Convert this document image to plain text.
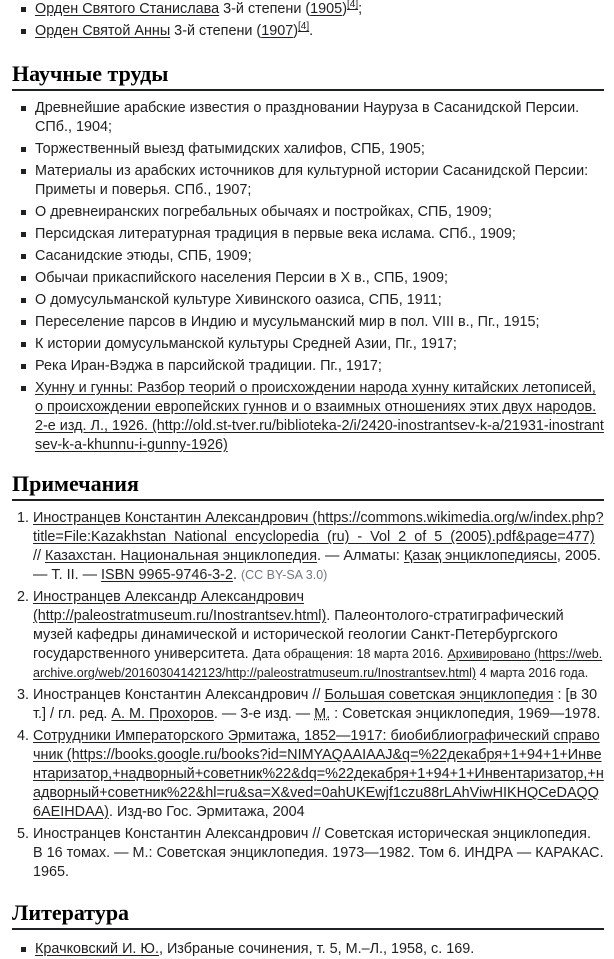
Орден Святого Станислава 3-й степени (1905)[4];
Орден Святой Анны 3-й степени (1907)[4].
Научные труды
Древнейшие арабские известия о праздновании Науруза в Сасанидской Персии. СПб., 1904;
Торжественный выезд фатымидских халифов, СПБ, 1905;
Материалы из арабских источников для культурной истории Сасанидской Персии: Приметы и поверья. СПб., 1907;
О древнеиранских погребальных обычаях и постройках, СПБ, 1909;
Персидская литературная традиция в первые века ислама. СПб., 1909;
Сасанидские этюды, СПБ, 1909;
Обычаи прикаспийского населения Персии в X в., СПБ, 1909;
О домусульманской культуре Хивинского оазиса, СПБ, 1911;
Переселение парсов в Индию и мусульманский мир в пол. VIII в., Пг., 1915;
К истории домусульманской культуры Средней Азии, Пг., 1917;
Река Иран-Вэджа в парсийской традиции. Пг., 1917;
Хунну и гунны: Разбор теорий о происхождении народа хунну китайских летописей, о происхождении европейских гуннов и о взаимных отношениях этих двух народов. 2-е изд. Л., 1926. (http://old.st-tver.ru/biblioteka-2/i/2420-inostrantsev-k-a/21931-inostrantsev-k-a-khunnu-i-gunny-1926)
Примечания
1. Иностранцев Константин Александрович (https://commons.wikimedia.org/w/index.php?title=File:Kazakhstan_National_encyclopedia_(ru)_-_Vol_2_of_5_(2005).pdf&page=477) // Казахстан. Национальная энциклопедия. — Алматы: Қазақ энциклопедиясы, 2005. — Т. II. — ISBN 9965-9746-3-2. (CC BY-SA 3.0)
2. Иностранцев Александр Александрович (http://paleostratmuseum.ru/Inostrantsev.html). Палеонтолого-стратиграфический музей кафедры динамической и исторической геологии Санкт-Петербургского государственного университета. Дата обращения: 18 марта 2016. Архивировано (https://web.archive.org/web/20160304142123/http://paleostratmuseum.ru/Inostrantsev.html) 4 марта 2016 года.
3. Иностранцев Константин Александрович // Большая советская энциклопедия : [в 30 т.] / гл. ред. А. М. Прохоров. — 3-е изд. — М. : Советская энциклопедия, 1969—1978.
4. Сотрудники Императорского Эрмитажа, 1852—1917: биобиблиографический справочник (https://books.google.ru/books?id=NIMYAQAAIAAJ&q=%22декабря+1+94+1+Инвентаризатор,+надворный+советник%22&dq=%22декабря+1+94+1+Инвентаризатор,+надворный+советник%22&hl=ru&sa=X&ved=0ahUKEwjf1czu88rLAhViwHIKHQCeDAQQ6AEIHDAA). Изд-во Гос. Эрмитажа, 2004
5. Иностранцев Константин Александрович // Советская историческая энциклопедия. В 16 томах. — М.: Советская энциклопедия. 1973—1982. Том 6. ИНДРА — КАРАКАС. 1965.
Литература
Крачковский И. Ю., Избраные сочинения, т. 5, М.–Л., 1958, с. 169.
